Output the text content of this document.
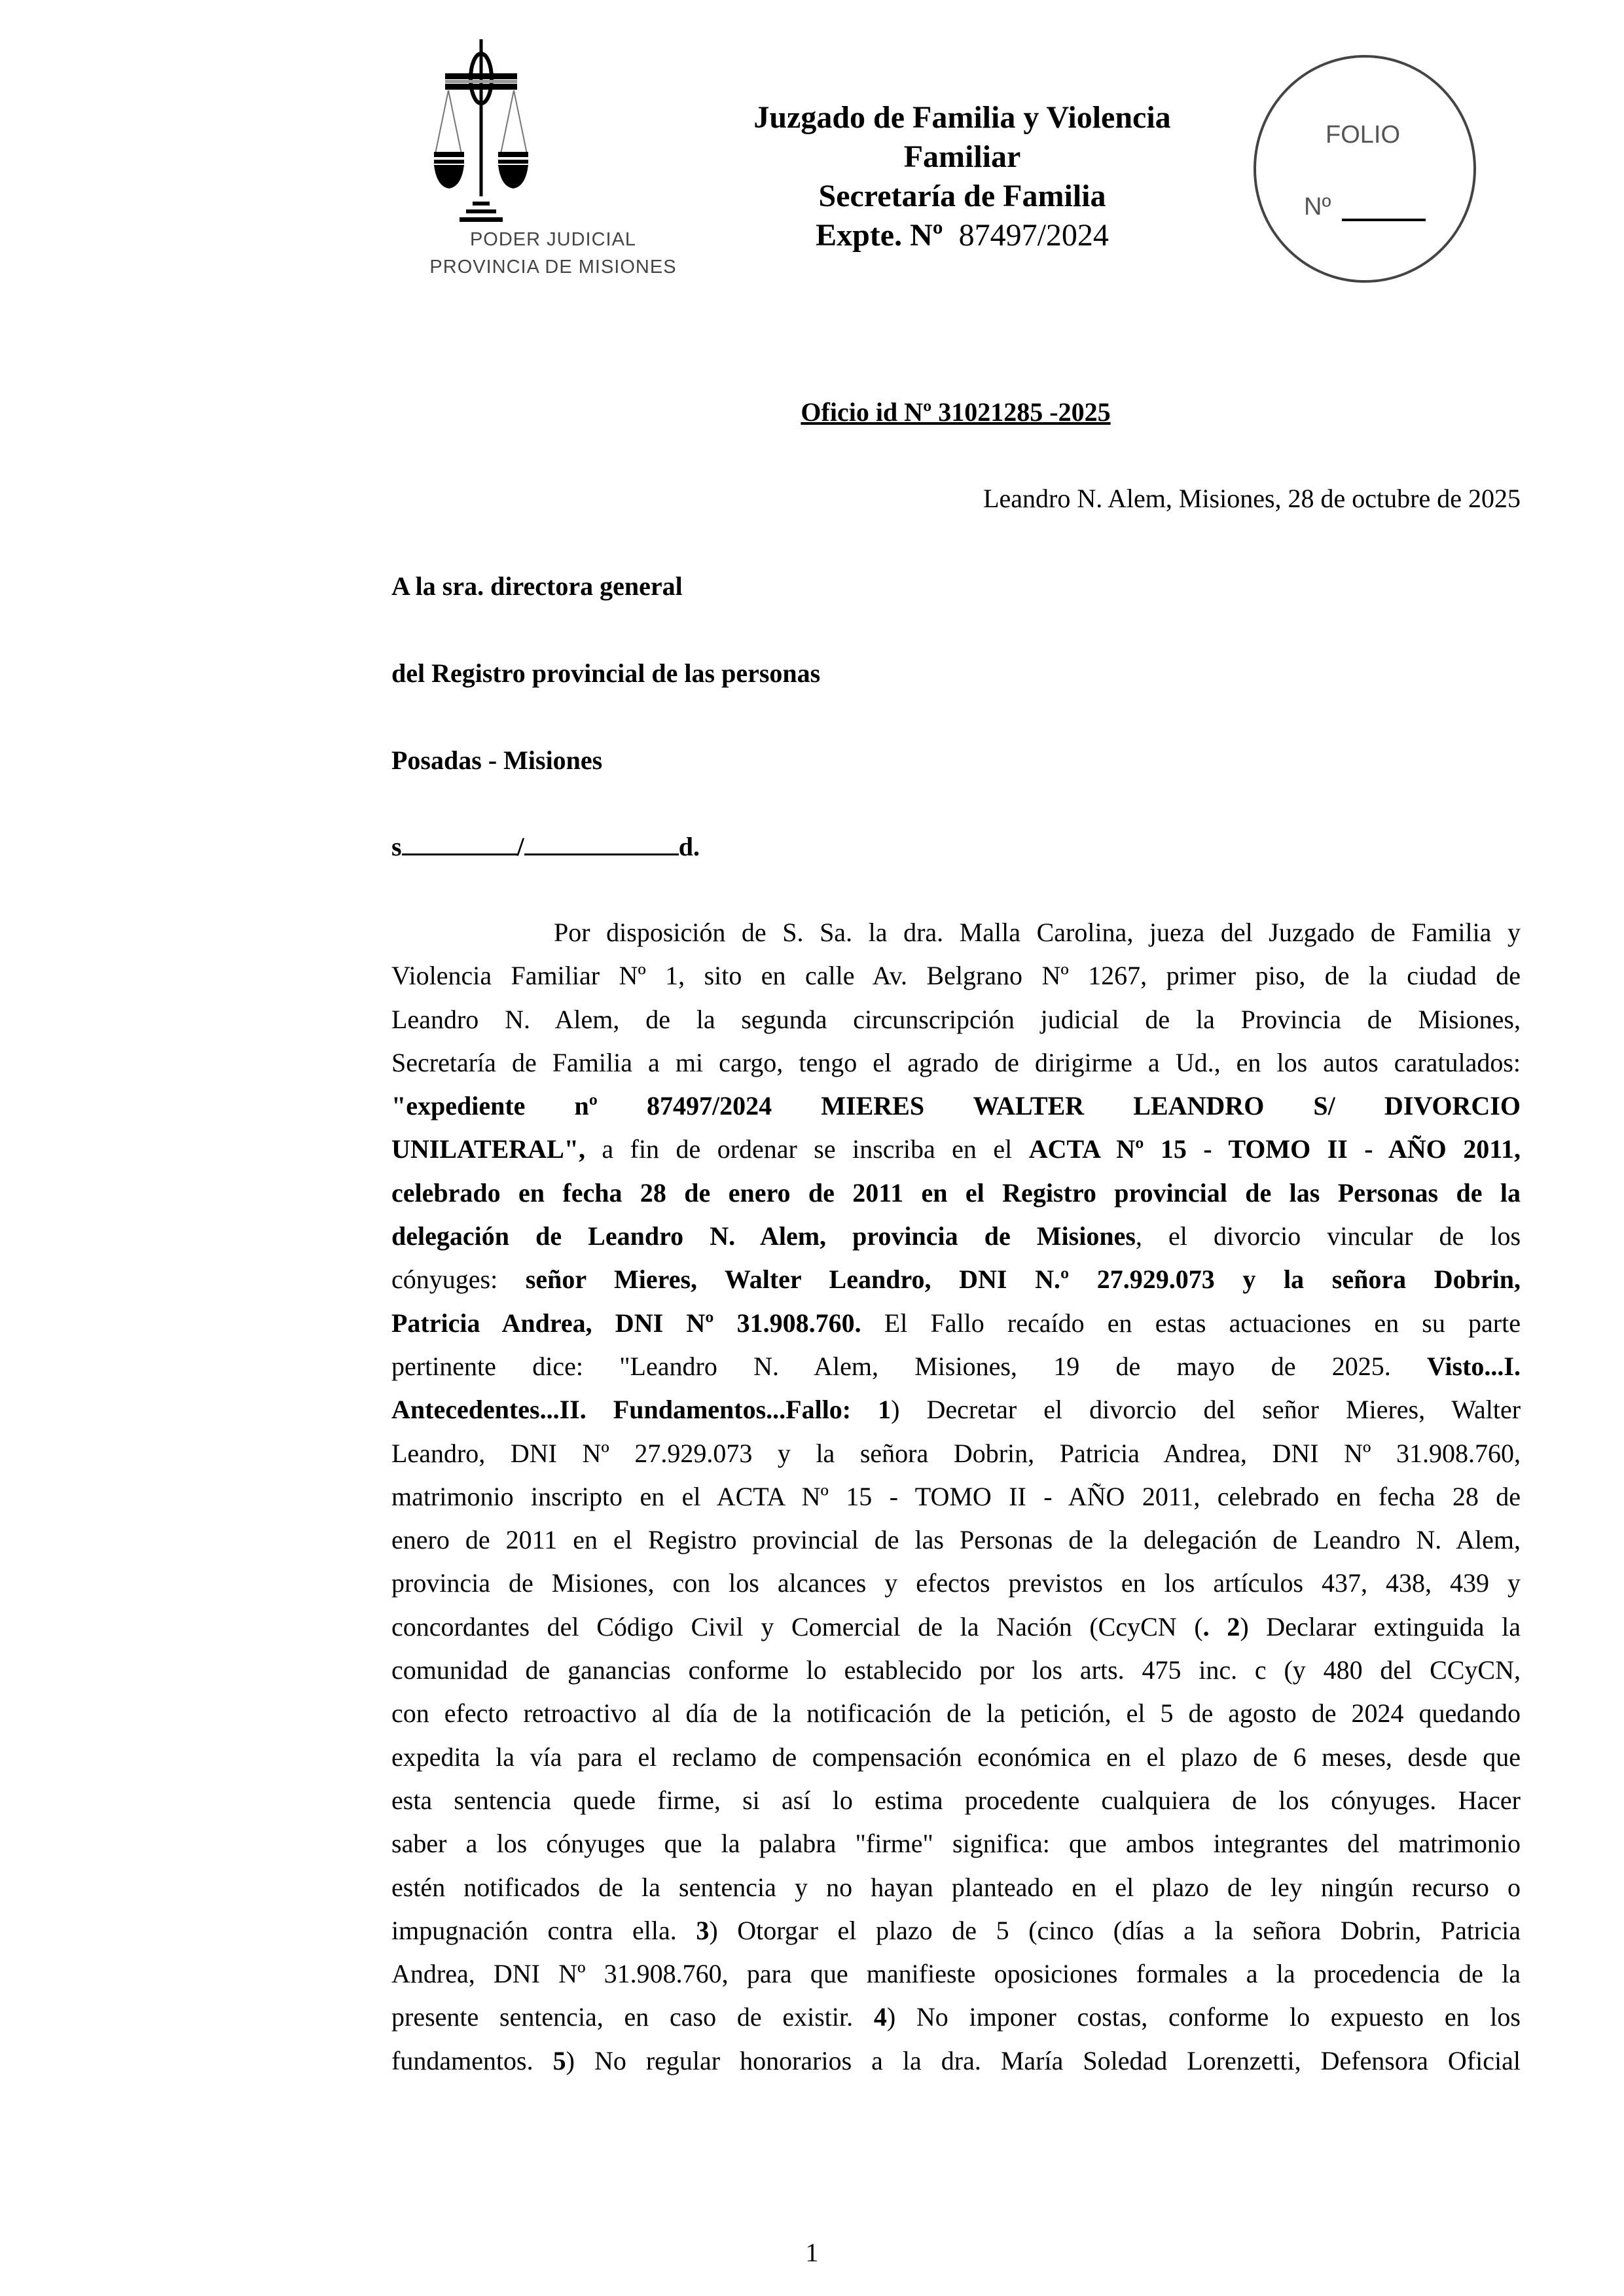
PODER JUDICIAL
PROVINCIA DE MISIONES
Juzgado de Familia y Violencia
Familiar
Secretaría de Familia
Expte. Nº 87497/2024
FOLIO
Nº
Oficio id Nº 31021285 -2025
Leandro N. Alem, Misiones, 28 de octubre de 2025
A la sra. directora general
del Registro provincial de las personas
Posadas - Misiones
s	/	d.
Por disposición de S. Sa. la dra. Malla Carolina, jueza del Juzgado de Familia y
Violencia Familiar Nº 1, sito en calle Av. Belgrano Nº 1267, primer piso, de la ciudad de
Leandro N. Alem, de la segunda circunscripción judicial de la Provincia de Misiones,
Secretaría de Familia a mi cargo, tengo el agrado de dirigirme a Ud., en los autos caratulados:
"expediente nº 87497/2024 MIERES WALTER LEANDRO S/ DIVORCIO
UNILATERAL", a fin de ordenar se inscriba en el ACTA Nº 15 - TOMO II - AÑO 2011,
celebrado en fecha 28 de enero de 2011 en el Registro provincial de las Personas de la
delegación de Leandro N. Alem, provincia de Misiones, el divorcio vincular de los
cónyuges: señor Mieres, Walter Leandro, DNI N.º 27.929.073 y la señora Dobrin,
Patricia Andrea, DNI Nº 31.908.760. El Fallo recaído en estas actuaciones en su parte
pertinente dice: "Leandro N. Alem, Misiones, 19 de mayo de 2025. Visto...I.
Antecedentes...II. Fundamentos...Fallo: 1) Decretar el divorcio del señor Mieres, Walter
Leandro, DNI Nº 27.929.073 y la señora Dobrin, Patricia Andrea, DNI Nº 31.908.760,
matrimonio inscripto en el ACTA Nº 15 - TOMO II - AÑO 2011, celebrado en fecha 28 de
enero de 2011 en el Registro provincial de las Personas de la delegación de Leandro N. Alem,
provincia de Misiones, con los alcances y efectos previstos en los artículos 437, 438, 439 y
concordantes del Código Civil y Comercial de la Nación (CcyCN (. 2) Declarar extinguida la
comunidad de ganancias conforme lo establecido por los arts. 475 inc. c (y 480 del CCyCN,
con efecto retroactivo al día de la notificación de la petición, el 5 de agosto de 2024 quedando
expedita la vía para el reclamo de compensación económica en el plazo de 6 meses, desde que
esta sentencia quede firme, si así lo estima procedente cualquiera de los cónyuges. Hacer
saber a los cónyuges que la palabra "firme" significa: que ambos integrantes del matrimonio
estén notificados de la sentencia y no hayan planteado en el plazo de ley ningún recurso o
impugnación contra ella. 3) Otorgar el plazo de 5 (cinco (días a la señora Dobrin, Patricia
Andrea, DNI Nº 31.908.760, para que manifieste oposiciones formales a la procedencia de la
presente sentencia, en caso de existir. 4) No imponer costas, conforme lo expuesto en los
fundamentos. 5) No regular honorarios a la dra. María Soledad Lorenzetti, Defensora Oficial
1
